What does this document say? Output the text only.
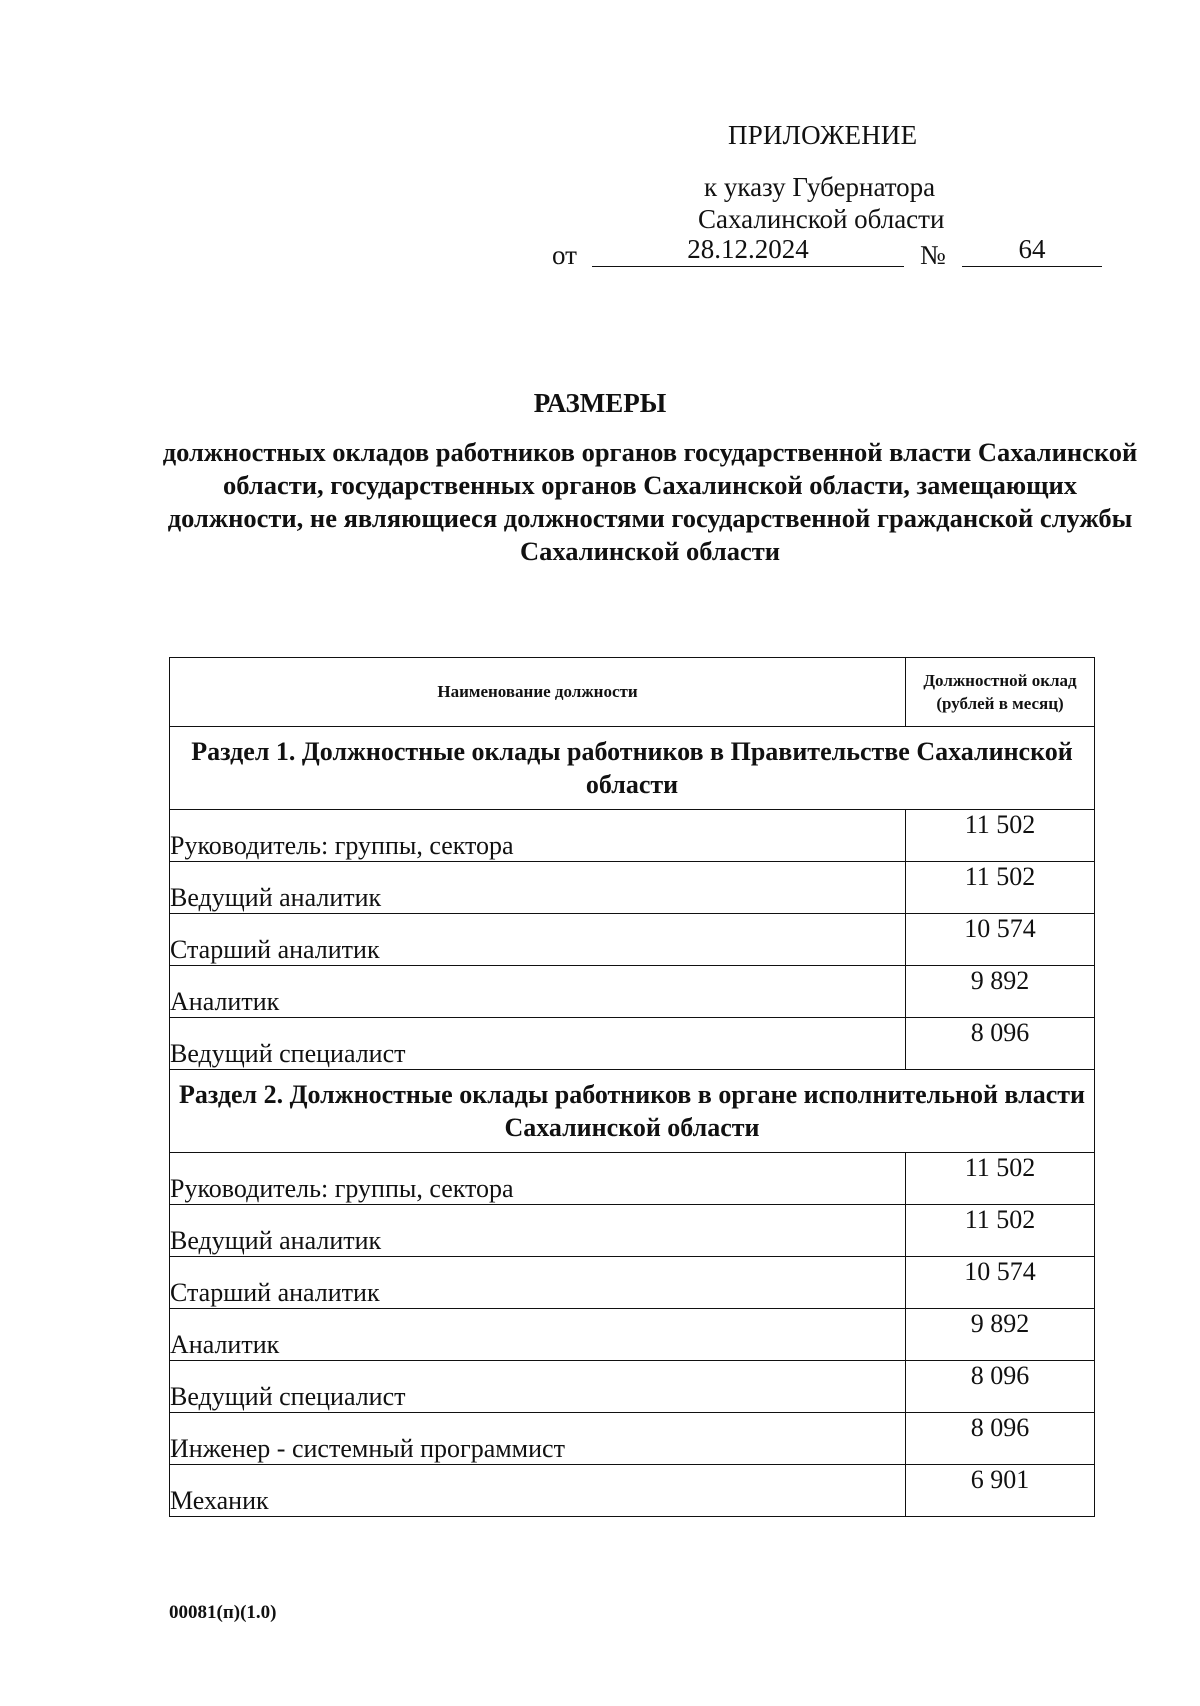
ПРИЛОЖЕНИЕ
к указу Губернатора
Сахалинской области
от	28.12.2024	№	64
РАЗМЕРЫ
должностных окладов работников органов государственной власти Сахалинской области, государственных органов Сахалинской области, замещающих должности, не являющиеся должностями государственной гражданской службы Сахалинской области
Наименование должности	Должностной оклад
(рублей в месяц)
Раздел 1. Должностные оклады работников в Правительстве Сахалинской области	
Руководитель: группы, сектора	11 502
Ведущий аналитик	11 502
Старший аналитик	10 574
Аналитик	9 892
Ведущий специалист	8 096
Раздел 2. Должностные оклады работников в органе исполнительной власти Сахалинской области	
Руководитель: группы, сектора	11 502
Ведущий аналитик	11 502
Старший аналитик	10 574
Аналитик	9 892
Ведущий специалист	8 096
Инженер - системный программист	8 096
Механик	6 901
00081(п)(1.0)
